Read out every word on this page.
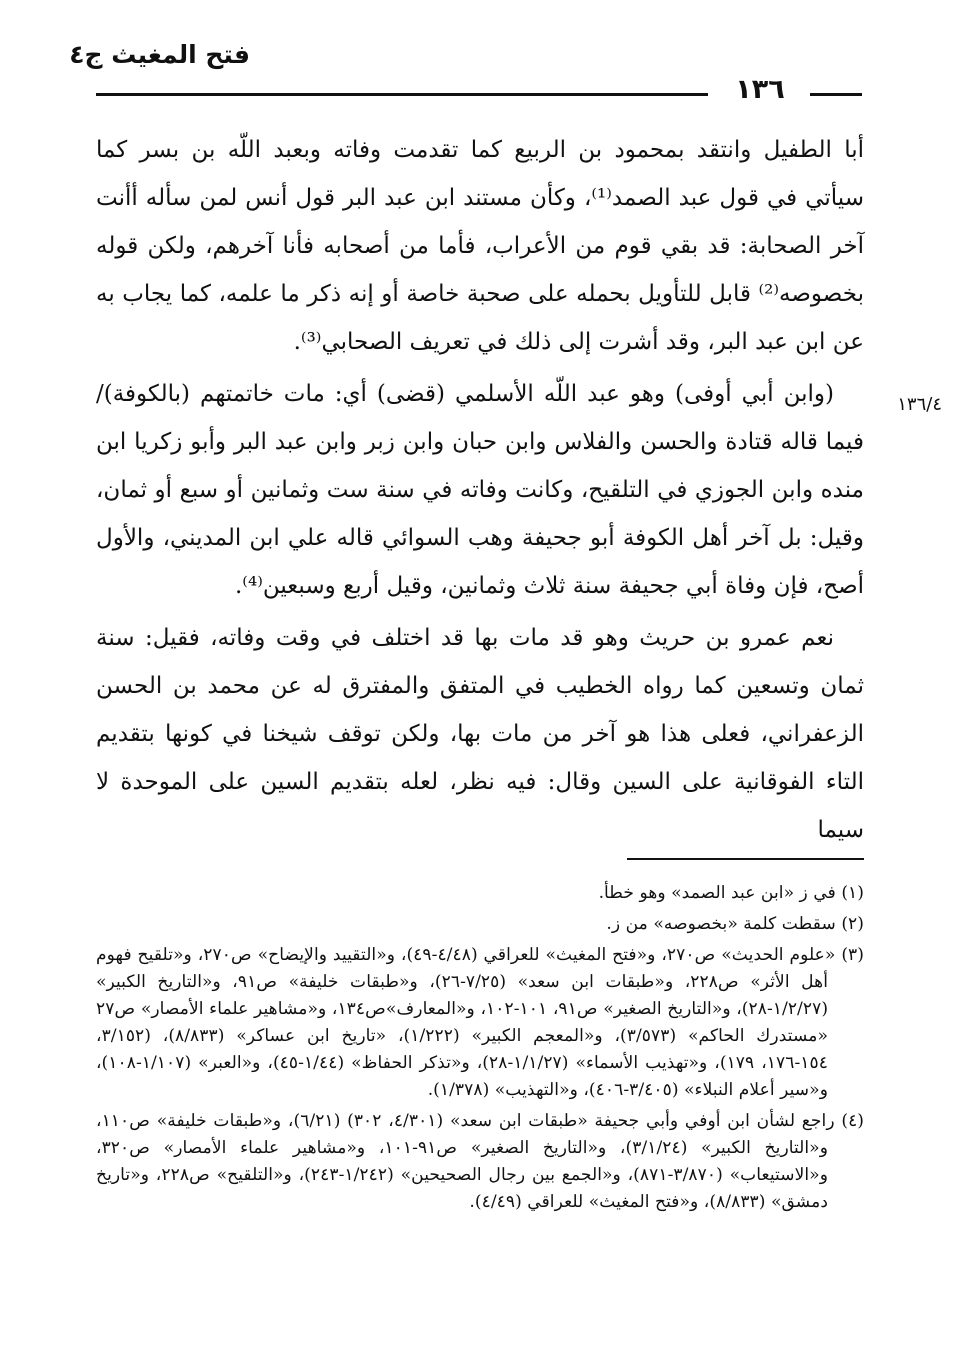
فتح المغيث ج٤
١٣٦
١٣٦/٤

أبا الطفيل وانتقد بمحمود بن الربيع كما تقدمت وفاته وبعبد اللّه بن بسر كما سيأتي في قول عبد الصمد⁽¹⁾، وكأن مستند ابن عبد البر قول أنس لمن سأله أأنت آخر الصحابة: قد بقي قوم من الأعراب، فأما من أصحابه فأنا آخرهم، ولكن قوله بخصوصه⁽²⁾ قابل للتأويل بحمله على صحبة خاصة أو إنه ذكر ما علمه، كما يجاب به عن ابن عبد البر، وقد أشرت إلى ذلك في تعريف الصحابي⁽³⁾.

(وابن أبي أوفى) وهو عبد اللّه الأسلمي (قضى) أي: مات خاتمتهم (بالكوفة)/ فيما قاله قتادة والحسن والفلاس وابن حبان وابن زبر وابن عبد البر وأبو زكريا ابن منده وابن الجوزي في التلقيح، وكانت وفاته في سنة ست وثمانين أو سبع أو ثمان، وقيل: بل آخر أهل الكوفة أبو جحيفة وهب السوائي قاله علي ابن المديني، والأول أصح، فإن وفاة أبي جحيفة سنة ثلاث وثمانين، وقيل أربع وسبعين⁽⁴⁾.

نعم عمرو بن حريث وهو قد مات بها قد اختلف في وقت وفاته، فقيل: سنة ثمان وتسعين كما رواه الخطيب في المتفق والمفترق له عن محمد بن الحسن الزعفراني، فعلى هذا هو آخر من مات بها، ولكن توقف شيخنا في كونها بتقديم التاء الفوقانية على السين وقال: فيه نظر، لعله بتقديم السين على الموحدة لا سيما

(١) في ز «ابن عبد الصمد» وهو خطأ.

(٢) سقطت كلمة «بخصوصه» من ز.

(٣) «علوم الحديث» ص٢٧٠، و«فتح المغيث» للعراقي (٤/٤٨-٤٩)، و«التقييد والإيضاح» ص٢٧٠، و«تلقيح فهوم أهل الأثر» ص٢٢٨، و«طبقات ابن سعد» (٧/٢٥-٢٦)، و«طبقات خليفة» ص٩١، و«التاريخ الكبير» (١/٢/٢٧-٢٨)، و«التاريخ الصغير» ص٩١، ١٠١-١٠٢، و«المعارف»ص١٣٤، و«مشاهير علماء الأمصار» ص٢٧ «مستدرك الحاكم» (٣/٥٧٣)، و«المعجم الكبير» (١/٢٢٢)، «تاريخ ابن عساكر» (٨/٨٣٣)، (٣/١٥٢، ١٥٤-١٧٦، ١٧٩)، و«تهذيب الأسماء» (١/١/٢٧-٢٨)، و«تذكر الحفاظ» (١/٤٤-٤٥)، و«العبر» (١/١٠٧-١٠٨)، و«سير أعلام النبلاء» (٣/٤٠٥-٤٠٦)، و«التهذيب» (١/٣٧٨).

(٤) راجع لشأن ابن أوفي وأبي جحيفة «طبقات ابن سعد» (٤/٣٠١، ٣٠٢) (٦/٢١)، و«طبقات خليفة» ص١١٠، و«التاريخ الكبير» (٣/١/٢٤)، و«التاريخ الصغير» ص٩١-١٠١، و«مشاهير علماء الأمصار» ص٣٢٠، و«الاستيعاب» (٣/٨٧٠-٨٧١)، و«الجمع بين رجال الصحيحين» (١/٢٤٢-٢٤٣)، و«التلقيح» ص٢٢٨، و«تاريخ دمشق» (٨/٨٣٣)، و«فتح المغيث» للعراقي (٤/٤٩).
